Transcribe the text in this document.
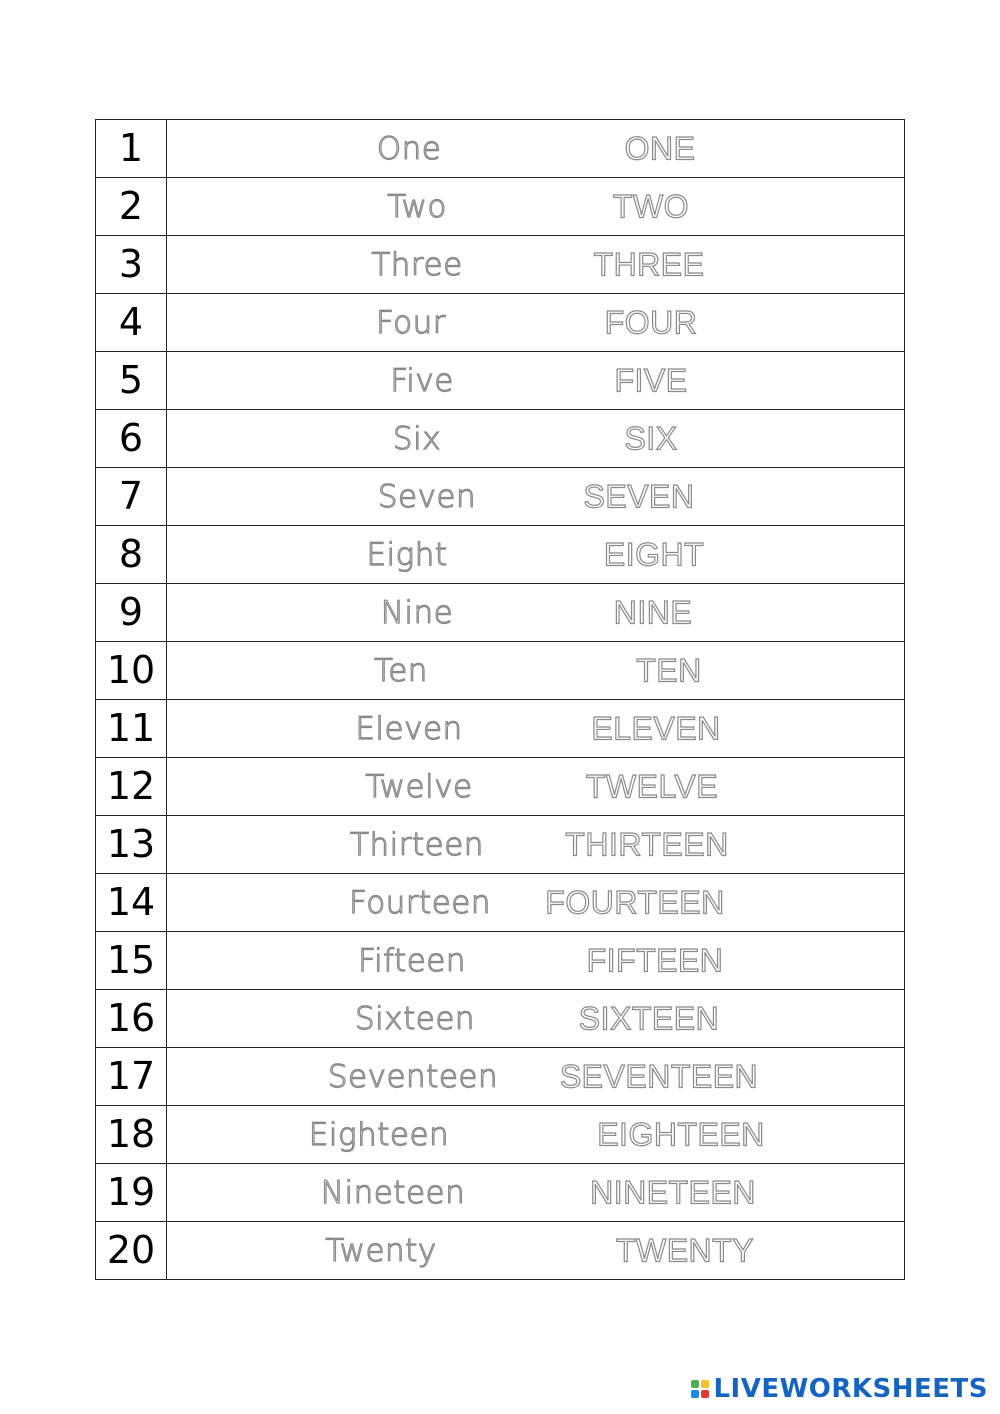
1	One ONE

2	Two TWO

3	Three THREE

4	Four FOUR

5	Five FIVE

6	Six SIX

7	Seven SEVEN

8	Eight EIGHT

9	Nine NINE

10	Ten TEN

11	Eleven ELEVEN

12	Twelve TWELVE

13	Thirteen THIRTEEN

14	Fourteen FOURTEEN

15	Fifteen FIFTEEN

16	Sixteen SIXTEEN

17	Seventeen SEVENTEEN

18	Eighteen EIGHTEEN

19	Nineteen NINETEEN

20	Twenty TWENTY
LIVEWORKSHEETS
